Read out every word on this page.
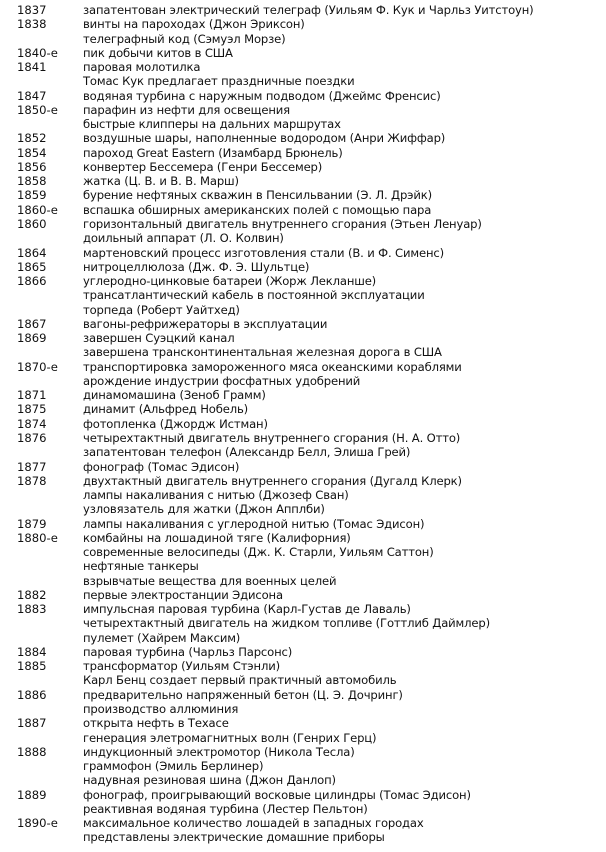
1837	запатентован электрический телеграф (Уильям Ф. Кук и Чарльз Уитстоун)
1838	винты на пароходах (Джон Эриксон)
телеграфный код (Сэмуэл Морзе)
1840-е пик добычи китов в США
1841	паровая молотилка
Томас Кук предлагает праздничные поездки
1847	водяная турбина с наружным подводом (Джеймс Френсис)
1850-е парафин из нефти для освещения
быстрые клипперы на дальних маршрутах
1852	воздушные шары, наполненные водородом (Анри Жиффар)
1854	пароход Great Eastern (Изамбард Брюнель)
1856	конвертер Бессемера (Генри Бессемер)
1858	жатка (Ц. В. и В. В. Марш)
1859	бурение нефтяных скважин в Пенсильвании (Э. Л. Дрэйк)
1860-е вспашка обширных американских полей с помощью пара
1860	горизонтальный двигатель внутреннего сгорания (Этьен Ленуар)
доильный аппарат (Л. О. Колвин)
1864	мартеновский процесс изготовления стали (В. и Ф. Сименс)
1865	нитроцеллюлоза (Дж. Ф. Э. Шультце)
1866	углеродно-цинковые батареи (Жорж Лекланше)
трансатлантический кабель в постоянной эксплуатации
торпеда (Роберт Уайтхед)
1867	вагоны-рефрижераторы в эксплуатации
1869	завершен Суэцкий канал
завершена трансконтинентальная железная дорога в США
1870-е транспортировка замороженного мяса океанскими кораблями
арождение индустрии фосфатных удобрений
1871	динамомашина (Зеноб Грамм)
1875	динамит (Альфред Нобель)
1874	фотопленка (Джордж Истман)
1876	четырехтактный двигатель внутреннего сгорания (Н. А. Отто)
запатентован телефон (Александр Белл, Элиша Грей)
1877	фонограф (Томас Эдисон)
1878	двухтактный двигатель внутреннего сгорания (Дугалд Клерк)
лампы накаливания с нитью (Джозеф Сван)
узловязатель для жатки (Джон Апплби)
1879	лампы накаливания с углеродной нитью (Томас Эдисон)
1880-е комбайны на лошадиной тяге (Калифорния)
современные велосипеды (Дж. К. Старли, Уильям Саттон)
нефтяные танкеры
взрывчатые вещества для военных целей
1882	первые электростанции Эдисона
1883	импульсная паровая турбина (Карл-Густав де Лаваль)
четырехтактный двигатель на жидком топливе (Готтлиб Даймлер)
пулемет (Хайрем Максим)
1884	паровая турбина (Чарльз Парсонс)
1885	трансформатор (Уильям Стэнли)
Карл Бенц создает первый практичный автомобиль
1886	предварительно напряженный бетон (Ц. Э. Дочринг)
производство аллюминия
1887	открыта нефть в Техасе
генерация элетромагнитных волн (Генрих Герц)
1888	индукционный электромотор (Никола Тесла)
граммофон (Эмиль Берлинер)
надувная резиновая шина (Джон Данлоп)
1889	фонограф, проигрывающий восковые цилиндры (Томас Эдисон)
реактивная водяная турбина (Лестер Пельтон)
1890-е максимальное количество лошадей в западных городах
представлены электрические домашние приборы
